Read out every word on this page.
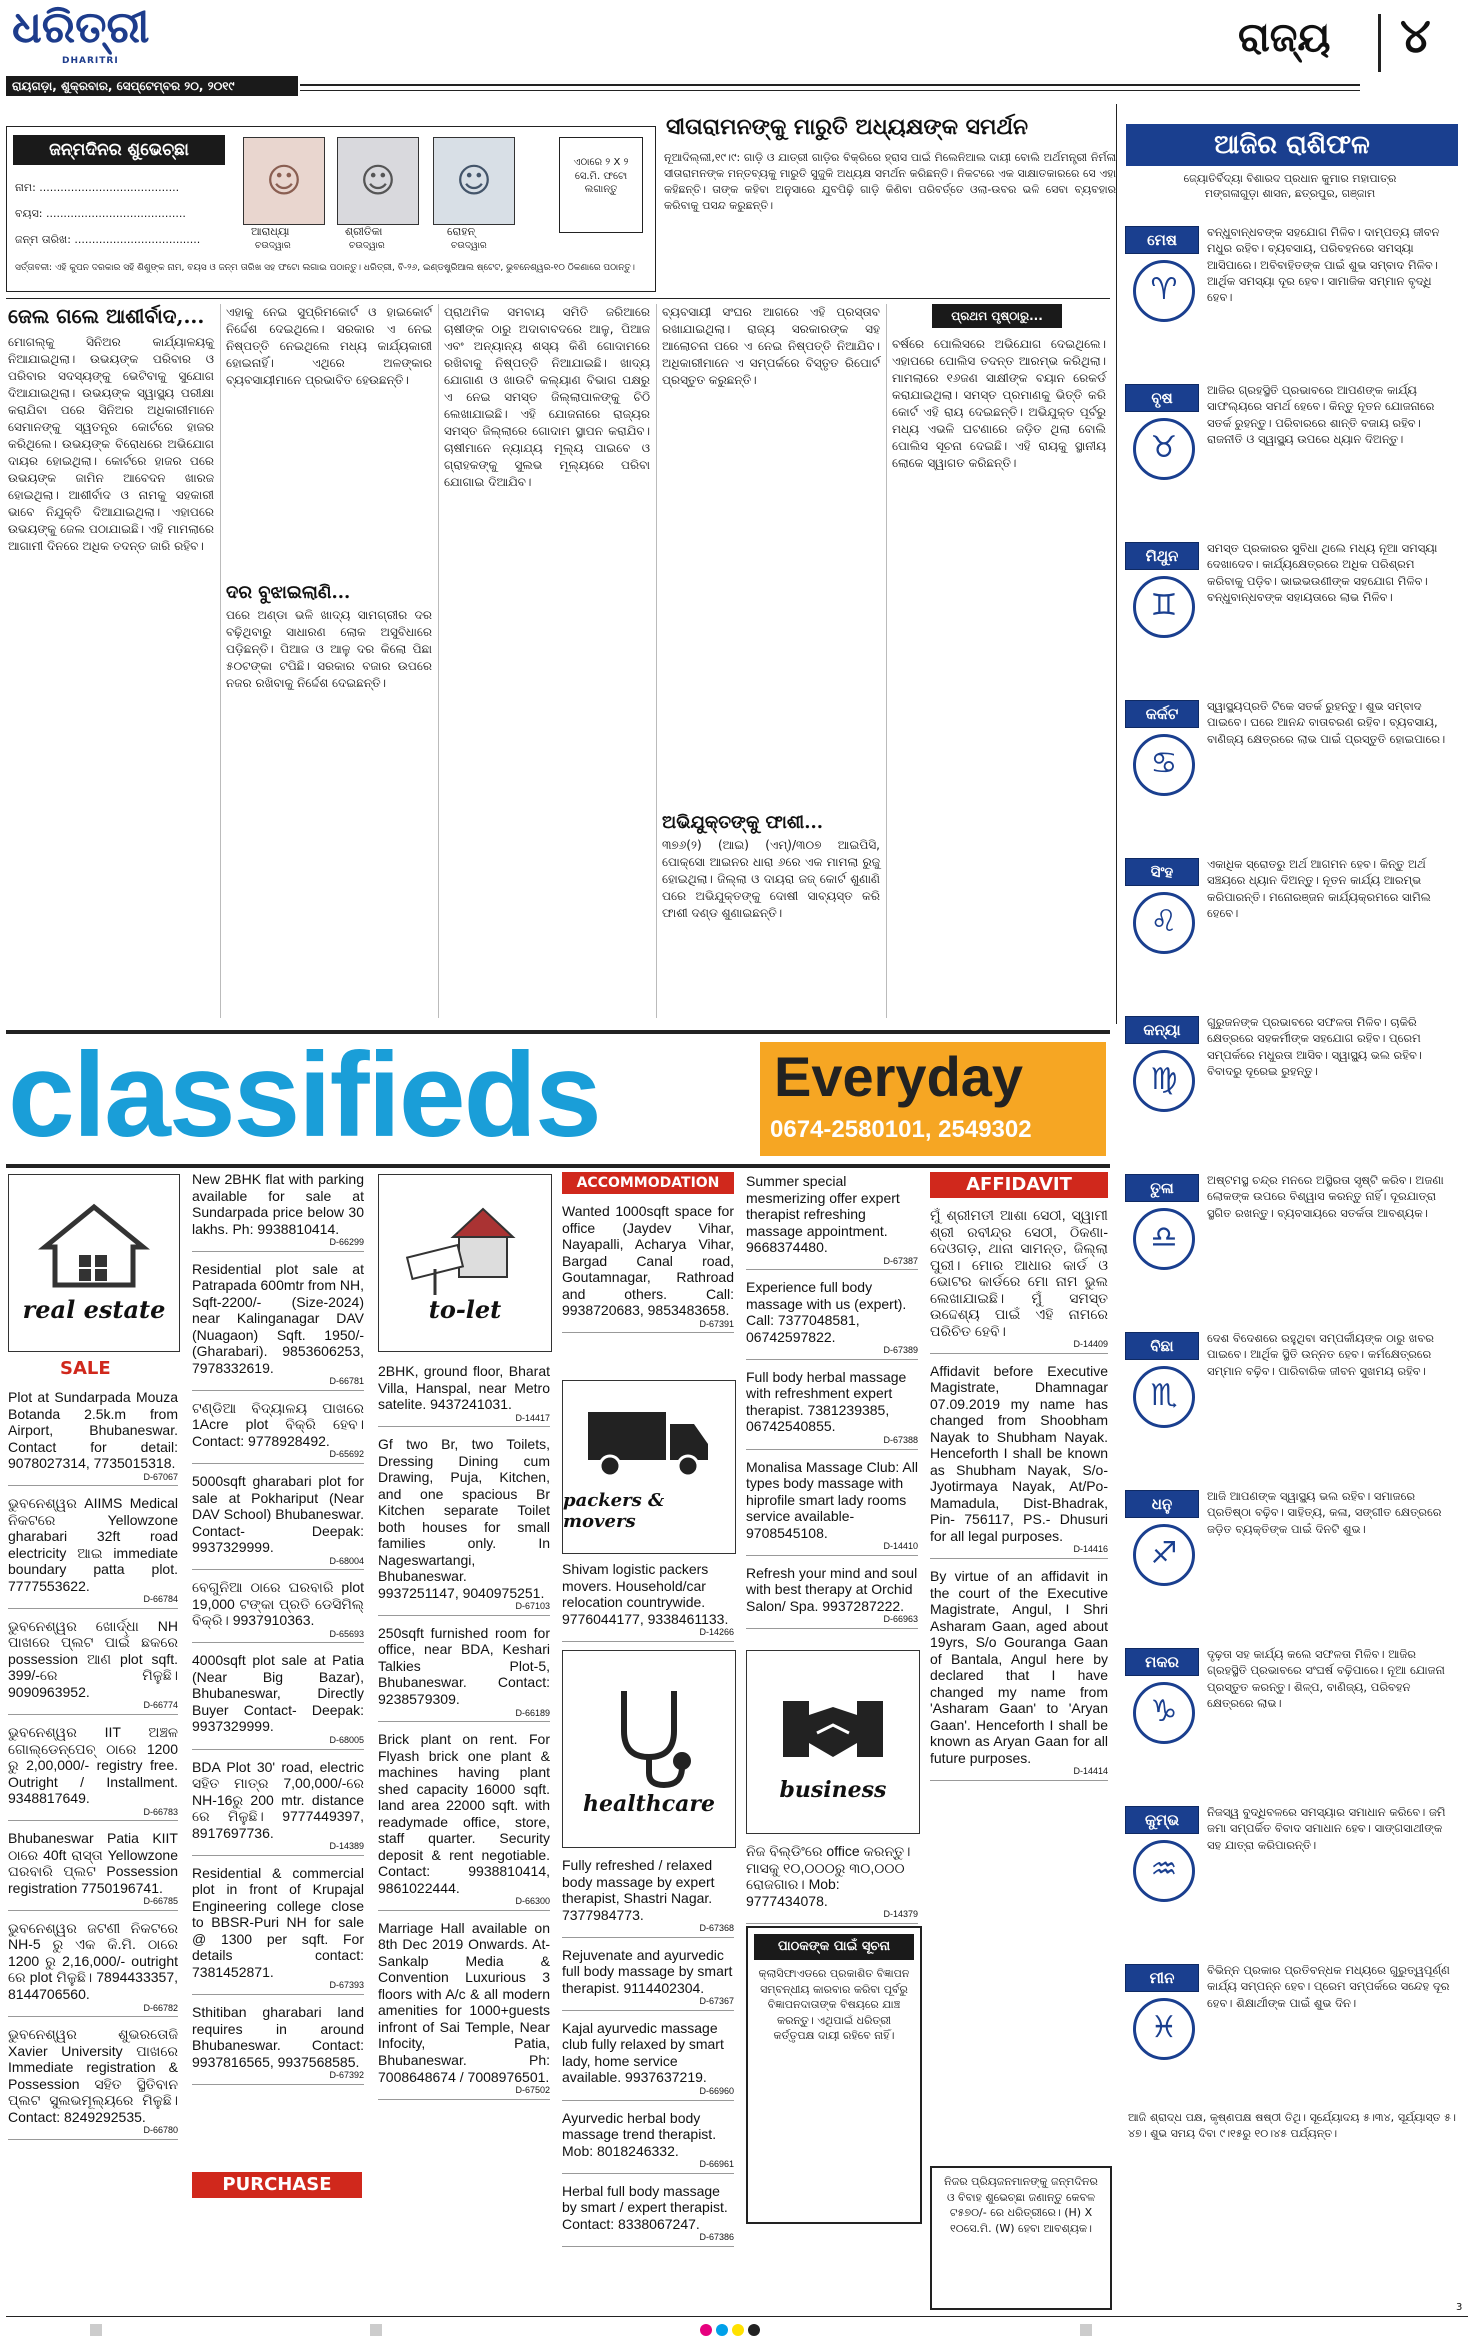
ଧରିତ୍ରୀ
DHARITRI
ରାୟଗଡ଼ା, ଶୁକ୍ରବାର, ସେପ୍ଟେମ୍ବର ୨୦, ୨୦୧୯
ରାଜ୍ୟ ୪
ଜନ୍ମଦିନର ଶୁଭେଚ୍ଛା
ନାମ: ........................................
ବୟସ: ........................................
ଜନ୍ମ ତାରିଖ: ....................................
☺
ଆରାଧ୍ୟା
ଚଉଦ୍ୱାର
☺
ଶ୍ରୀତିକା
ଚଉଦ୍ୱାର
☺
ରୋହନ୍
ଚଉଦ୍ୱାର
ଏଠାରେ ୨ X ୨ ସେ.ମି. ଫଟୋ ଲଗାନ୍ତୁ
ସର୍ତ୍ତାବଳୀ: ଏହି କୁପନ ଦରକାର ସହି ଶିଶୁଙ୍କ ନାମ, ବୟସ ଓ ଜନ୍ମ ତାରିଖ ସହ ଫଟୋ ଲଗାଇ ପଠାନ୍ତୁ। ଧରିତ୍ରୀ, ବି-୨୬, ଇଣ୍ଡଷ୍ଟ୍ରିଆଲ ଷ୍ଟେଟ, ଭୁବନେଶ୍ୱର-୧୦ ଠିକଣାରେ ପଠାନ୍ତୁ।
ସୀତାରାମନଙ୍କୁ ମାରୁତି ଅଧ୍ୟକ୍ଷଙ୍କ ସମର୍ଥନ
ନୂଆଦିଲ୍ଲୀ,୧୯।୯: ଗାଡ଼ି ଓ ଯାତ୍ରୀ ଗାଡ଼ିର ବିକ୍ରିରେ ହ୍ରାସ ପାଇଁ ମିଲେନିଆଲ ଦାୟୀ ବୋଲି ଅର୍ଥମନ୍ତ୍ରୀ ନିର୍ମଳା ସୀତାରାମନଙ୍କ ମନ୍ତବ୍ୟକୁ ମାରୁତି ସୁଜୁକି ଅଧ୍ୟକ୍ଷ ସମର୍ଥନ କରିଛନ୍ତି। ନିକଟରେ ଏକ ସାକ୍ଷାତକାରରେ ସେ ଏହା କହିଛନ୍ତି। ତାଙ୍କ କହିବା ଅନୁସାରେ ଯୁବପିଢ଼ି ଗାଡ଼ି କିଣିବା ପରିବର୍ତ୍ତେ ଓଲା-ଉବର ଭଳି ସେବା ବ୍ୟବହାର କରିବାକୁ ପସନ୍ଦ କରୁଛନ୍ତି।
ଆଜିର ରାଶିଫଳ
ଜ୍ୟୋତିର୍ବିଦ୍ୟା ବିଶାରଦ ପ୍ରଧାନ କୁମାର ମହାପାତ୍ର
ମଙ୍ଗଳାଗୁଡ଼ା ଶାସନ, ଛତ୍ରପୁର, ଗଞ୍ଜାମ
ମେଷ
♈
ବନ୍ଧୁବାନ୍ଧବଙ୍କ ସହଯୋଗ ମିଳିବ। ଦାମ୍ପତ୍ୟ ଜୀବନ ମଧୁର ରହିବ। ବ୍ୟବସାୟ, ପରିବହନରେ ସମସ୍ୟା ଆସିପାରେ। ଅବିବାହିତଙ୍କ ପାଇଁ ଶୁଭ ସମ୍ବାଦ ମିଳିବ। ଆର୍ଥିକ ସମସ୍ୟା ଦୂର ହେବ। ସାମାଜିକ ସମ୍ମାନ ବୃଦ୍ଧି ହେବ।
ବୃଷ
♉
ଆଜିର ଗ୍ରହସ୍ଥିତି ପ୍ରଭାବରେ ଆପଣଙ୍କ କାର୍ଯ୍ୟ ସାଫଲ୍ୟରେ ସମର୍ଥ ହେବେ। କିନ୍ତୁ ନୂତନ ଯୋଜନାରେ ସତର୍କ ରୁହନ୍ତୁ। ପରିବାରରେ ଶାନ୍ତି ବଜାୟ ରହିବ। ରାଜନୀତି ଓ ସ୍ୱାସ୍ଥ୍ୟ ଉପରେ ଧ୍ୟାନ ଦିଅନ୍ତୁ।
ମିଥୁନ
♊
ସମସ୍ତ ପ୍ରକାରର ସୁବିଧା ଥିଲେ ମଧ୍ୟ ନୂଆ ସମସ୍ୟା ଦେଖାଦେବ। କାର୍ଯ୍ୟକ୍ଷେତ୍ରରେ ଅଧିକ ପରିଶ୍ରମ କରିବାକୁ ପଡ଼ିବ। ଭାଇଭଉଣୀଙ୍କ ସହଯୋଗ ମିଳିବ। ବନ୍ଧୁବାନ୍ଧବଙ୍କ ସହାୟତାରେ ଲାଭ ମିଳିବ।
କର୍କଟ
♋
ସ୍ୱାସ୍ଥ୍ୟପ୍ରତି ଟିକେ ସତର୍କ ରୁହନ୍ତୁ। ଶୁଭ ସମ୍ବାଦ ପାଇବେ। ଘରେ ଆନନ୍ଦ ବାତାବରଣ ରହିବ। ବ୍ୟବସାୟ, ବାଣିଜ୍ୟ କ୍ଷେତ୍ରରେ ଲାଭ ପାଇଁ ପ୍ରସ୍ତୁତି ହୋଇପାରେ।
ସିଂହ
♌
ଏକାଧିକ ସ୍ରୋତରୁ ଅର୍ଥ ଆଗମନ ହେବ। କିନ୍ତୁ ଅର୍ଥ ସଞ୍ଚୟରେ ଧ୍ୟାନ ଦିଅନ୍ତୁ। ନୂତନ କାର୍ଯ୍ୟ ଆରମ୍ଭ କରିପାରନ୍ତି। ମନୋରଞ୍ଜନ କାର୍ଯ୍ୟକ୍ରମରେ ସାମିଲ ହେବେ।
କନ୍ୟା
♍
ଗୁରୁଜନଙ୍କ ପ୍ରଭାବରେ ସଫଳତା ମିଳିବ। ଚାକିରି କ୍ଷେତ୍ରରେ ସହକର୍ମୀଙ୍କ ସହଯୋଗ ରହିବ। ପ୍ରେମ ସମ୍ପର୍କରେ ମଧୁରତା ଆସିବ। ସ୍ୱାସ୍ଥ୍ୟ ଭଲ ରହିବ। ବିବାଦରୁ ଦୂରେଇ ରୁହନ୍ତୁ।
ତୁଳା
♎
ଅଷ୍ଟମସ୍ଥ ଚନ୍ଦ୍ର ମନରେ ଅସ୍ଥିରତା ସୃଷ୍ଟି କରିବ। ଅଜଣା ଲୋକଙ୍କ ଉପରେ ବିଶ୍ୱାସ କରନ୍ତୁ ନାହିଁ। ଦୂରଯାତ୍ରା ସ୍ଥଗିତ ରଖନ୍ତୁ। ବ୍ୟବସାୟରେ ସତର୍କତା ଆବଶ୍ୟକ।
ବିଛା
♏
ଦେଶ ବିଦେଶରେ ରହୁଥିବା ସମ୍ପର୍କୀୟଙ୍କ ଠାରୁ ଖବର ପାଇବେ। ଆର୍ଥିକ ସ୍ଥିତି ଉନ୍ନତ ହେବ। କର୍ମକ୍ଷେତ୍ରରେ ସମ୍ମାନ ବଢ଼ିବ। ପାରିବାରିକ ଜୀବନ ସୁଖମୟ ରହିବ।
ଧନୁ
♐
ଆଜି ଆପଣଙ୍କ ସ୍ୱାସ୍ଥ୍ୟ ଭଲ ରହିବ। ସମାଜରେ ପ୍ରତିଷ୍ଠା ବଢ଼ିବ। ସାହିତ୍ୟ, କଳା, ସଙ୍ଗୀତ କ୍ଷେତ୍ରରେ ଜଡ଼ିତ ବ୍ୟକ୍ତିଙ୍କ ପାଇଁ ଦିନଟି ଶୁଭ।
ମକର
♑
ଦୃଢ଼ତା ସହ କାର୍ଯ୍ୟ କଲେ ସଫଳତା ମିଳିବ। ଆଜିର ଗ୍ରହସ୍ଥିତି ପ୍ରଭାବରେ ସଂଘର୍ଷ ବଢ଼ିପାରେ। ନୂଆ ଯୋଜନା ପ୍ରସ୍ତୁତ କରନ୍ତୁ। ଶିଳ୍ପ, ବାଣିଜ୍ୟ, ପରିବହନ କ୍ଷେତ୍ରରେ ଲାଭ।
କୁମ୍ଭ
♒
ନିଜସ୍ୱ ବୁଦ୍ଧିବଳରେ ସମସ୍ୟାର ସମାଧାନ କରିବେ। ଜମି ଜମା ସମ୍ପର୍କିତ ବିବାଦ ସମାଧାନ ହେବ। ସାଙ୍ଗସାଥୀଙ୍କ ସହ ଯାତ୍ରା କରିପାରନ୍ତି।
ମୀନ
♓
ବିଭିନ୍ନ ପ୍ରକାର ପ୍ରତିବନ୍ଧକ ମଧ୍ୟରେ ଗୁରୁତ୍ୱପୂର୍ଣ୍ଣ କାର୍ଯ୍ୟ ସମ୍ପନ୍ନ ହେବ। ପ୍ରେମ ସମ୍ପର୍କରେ ସନ୍ଦେହ ଦୂର ହେବ। ଶିକ୍ଷାର୍ଥୀଙ୍କ ପାଇଁ ଶୁଭ ଦିନ।
ଆଜି ଶ୍ରାଦ୍ଧ ପକ୍ଷ, କୃଷ୍ଣପକ୍ଷ ଷଷ୍ଠୀ ତିଥି। ସୂର୍ଯ୍ୟୋଦୟ ୫।୩୪, ସୂର୍ଯ୍ୟାସ୍ତ ୫।୪୭। ଶୁଭ ସମୟ ଦିବା ୯।୧୫ରୁ ୧୦।୪୫ ପର୍ଯ୍ୟନ୍ତ।
ଜେଲ ଗଲେ ଆଶୀର୍ବାଦ,...
ମୋଗଲ୍କୁ ସିନିଅର କାର୍ଯ୍ୟାଳୟକୁ ନିଆଯାଇଥିଲା। ଉଭୟଙ୍କ ପରିବାର ଓ ପରିବାର ସଦସ୍ୟଙ୍କୁ ଭେଟିବାକୁ ସୁଯୋଗ ଦିଆଯାଇଥିଲା। ଉଭୟଙ୍କ ସ୍ୱାସ୍ଥ୍ୟ ପରୀକ୍ଷା କରାଯିବା ପରେ ସିନିଅର ଅଧିକାରୀମାନେ ସେମାନଙ୍କୁ ସ୍ୱତନ୍ତ୍ର କୋର୍ଟରେ ହାଜର କରିଥିଲେ। ଉଭୟଙ୍କ ବିରୋଧରେ ଅଭିଯୋଗ ଦାୟର ହୋଇଥିଲା। କୋର୍ଟରେ ହାଜର ପରେ ଉଭୟଙ୍କ ଜାମିନ ଆବେଦନ ଖାରଜ ହୋଇଥିଲା। ଆଶୀର୍ବାଦ ଓ ନାମକୁ ସହକାରୀ ଭାବେ ନିଯୁକ୍ତି ଦିଆଯାଇଥିଲା। ଏହାପରେ ଉଭୟଙ୍କୁ ଜେଲ ପଠାଯାଇଛି। ଏହି ମାମଲାରେ ଆଗାମୀ ଦିନରେ ଅଧିକ ତଦନ୍ତ ଜାରି ରହିବ।
ଏହାକୁ ନେଇ ସୁପ୍ରିମକୋର୍ଟ ଓ ହାଇକୋର୍ଟ ନିର୍ଦ୍ଦେଶ ଦେଇଥିଲେ। ସରକାର ଏ ନେଇ ନିଷ୍ପତ୍ତି ନେଇଥିଲେ ମଧ୍ୟ କାର୍ଯ୍ୟକାରୀ ହୋଇନାହିଁ। ଏଥିରେ ଅଳଙ୍କାର ବ୍ୟବସାୟୀମାନେ ପ୍ରଭାବିତ ହେଉଛନ୍ତି।
ଦର ବୁଝାଇଲାଣି...
ପରେ ଅଣ୍ଡା ଭଳି ଖାଦ୍ୟ ସାମଗ୍ରୀର ଦର ବଢ଼ିଥିବାରୁ ସାଧାରଣ ଲୋକ ଅସୁବିଧାରେ ପଡ଼ିଛନ୍ତି। ପିଆଜ ଓ ଆଳୁ ଦର କିଲୋ ପିଛା ୫୦ଟଙ୍କା ଟପିଛି। ସରକାର ବଜାର ଉପରେ ନଜର ରଖିବାକୁ ନିର୍ଦ୍ଦେଶ ଦେଇଛନ୍ତି।
ପ୍ରାଥମିକ ସମବାୟ ସମିତି ଜରିଆରେ ଚାଷୀଙ୍କ ଠାରୁ ଅଦାବାବଦରେ ଆଳୁ, ପିଆଜ ଏବଂ ଅନ୍ୟାନ୍ୟ ଶସ୍ୟ କିଣି ଗୋଦାମରେ ରଖିବାକୁ ନିଷ୍ପତ୍ତି ନିଆଯାଇଛି। ଖାଦ୍ୟ ଯୋଗାଣ ଓ ଖାଉଟି କଲ୍ୟାଣ ବିଭାଗ ପକ୍ଷରୁ ଏ ନେଇ ସମସ୍ତ ଜିଲ୍ଲାପାଳଙ୍କୁ ଚିଠି ଲେଖାଯାଇଛି। ଏହି ଯୋଜନାରେ ରାଜ୍ୟର ସମସ୍ତ ଜିଲ୍ଲାରେ ଗୋଦାମ ସ୍ଥାପନ କରାଯିବ। ଚାଷୀମାନେ ନ୍ୟାଯ୍ୟ ମୂଲ୍ୟ ପାଇବେ ଓ ଗ୍ରାହକଙ୍କୁ ସୁଲଭ ମୂଲ୍ୟରେ ପରିବା ଯୋଗାଇ ଦିଆଯିବ।
ବ୍ୟବସାୟୀ ସଂଘର ଆଗରେ ଏହି ପ୍ରସ୍ତାବ ରଖାଯାଇଥିଲା। ରାଜ୍ୟ ସରକାରଙ୍କ ସହ ଆଲୋଚନା ପରେ ଏ ନେଇ ନିଷ୍ପତ୍ତି ନିଆଯିବ। ଅଧିକାରୀମାନେ ଏ ସମ୍ପର୍କରେ ବିସ୍ତୃତ ରିପୋର୍ଟ ପ୍ରସ୍ତୁତ କରୁଛନ୍ତି।
ଅଭିଯୁକ୍ତଙ୍କୁ ଫାଶୀ...
୩୭୬(୨) (ଆଇ) (ଏମ୍)/୩୦୭ ଆଇପିସି, ପୋକ୍ସୋ ଆଇନର ଧାରା ୬ରେ ଏକ ମାମଲା ରୁଜୁ ହୋଇଥିଲା। ଜିଲ୍ଲା ଓ ଦାୟରା ଜଜ୍ କୋର୍ଟ ଶୁଣାଣି ପରେ ଅଭିଯୁକ୍ତଙ୍କୁ ଦୋଷୀ ସାବ୍ୟସ୍ତ କରି ଫାଶୀ ଦଣ୍ଡ ଶୁଣାଇଛନ୍ତି।
ପ୍ରଥମ ପୃଷ୍ଠାରୁ...
ବର୍ଷରେ ପୋଲିସରେ ଅଭିଯୋଗ ଦେଇଥିଲେ। ଏହାପରେ ପୋଲିସ ତଦନ୍ତ ଆରମ୍ଭ କରିଥିଲା। ମାମଲାରେ ୧୬ଜଣ ସାକ୍ଷୀଙ୍କ ବୟାନ ରେକର୍ଡ କରାଯାଇଥିଲା। ସମସ୍ତ ପ୍ରମାଣକୁ ଭିତ୍ତି କରି କୋର୍ଟ ଏହି ରାୟ ଦେଇଛନ୍ତି। ଅଭିଯୁକ୍ତ ପୂର୍ବରୁ ମଧ୍ୟ ଏଭଳି ଘଟଣାରେ ଜଡ଼ିତ ଥିଲା ବୋଲି ପୋଲିସ ସୂଚନା ଦେଇଛି। ଏହି ରାୟକୁ ସ୍ଥାନୀୟ ଲୋକେ ସ୍ୱାଗତ କରିଛନ୍ତି।
classifieds	Everyday
0674-2580101, 2549302
real estate
SALE
Plot at Sundarpada Mouza Botanda 2.5k.m from Airport, Bhubaneswar. Contact for detail: 9078027314, 7735015318.
D-67067
ଭୁବନେଶ୍ୱର AIIMS Medical ନିକଟରେ Yellowzone gharabari 32ft road electricity ଆଇ immediate boundary patta plot. 7777553622.
D-66784
ଭୁବନେଶ୍ୱର ଖୋର୍ଦ୍ଧା NH ପାଖରେ ପ୍ଲଟ ପାଇଁ ଛକରେ possession ଆଣ plot sqft. 399/-ରେ ମିଳୁଛି। 9090963952.
D-66774
ଭୁବନେଶ୍ୱର IIT ଅଞ୍ଚଳ ଗୋଲ୍ଡେନ୍‌ପେଚ୍ ଠାରେ 1200 ରୁ 2,00,000/- registry free. Outright / Installment. 9348817649.
D-66783
Bhubaneswar Patia KIIT ଠାରେ 40ft ରାସ୍ତା Yellowzone ଘରବାରି ପ୍ଲଟ Possession registration 7750196741.
D-66785
ଭୁବନେଶ୍ୱର ଜଟଣୀ ନିକଟରେ NH-5 ରୁ ଏକ କି.ମି. ଠାରେ 1200 ରୁ 2,16,000/- outright ରେ plot ମିଳୁଛି। 7894433357, 8144706560.
D-66782
ଭୁବନେଶ୍ୱର ଶୁଭରତୋଜି Xavier University ପାଖରେ Immediate registration & Possession ସହିତ ସ୍ଥିତିବାନ ପ୍ଲଟ ସୁଲଭମୂଲ୍ୟରେ ମିଳୁଛି। Contact: 8249292535.
D-66780
New 2BHK flat with parking available for sale at Sundarpada price below 30 lakhs. Ph: 9938810414.
D-66299
Residential plot sale at Patrapada 600mtr from NH, Sqft-2200/- (Size-2024) near Kalinganagar DAV (Nuagaon) Sqft. 1950/- (Gharabari). 9853606253, 7978332619.
D-66781
ଟଣ୍ଡିଆ ବିଦ୍ୟାଳୟ ପାଖରେ 1Acre plot ବିକ୍ରି ହେବ। Contact: 9778928492.
D-65692
5000sqft gharabari plot for sale at Pokhariput (Near DAV School) Bhubaneswar. Contact- Deepak: 9937329999.
D-68004
ବେଗୁନିଆ ଠାରେ ଘରବାରି plot 19,000 ଟଙ୍କା ପ୍ରତି ଡେସିମିଲ୍ ବିକ୍ରି। 9937910363.
D-65693
4000sqft plot sale at Patia (Near Big Bazar), Bhubaneswar, Directly Buyer Contact- Deepak: 9937329999.
D-68005
BDA Plot 30' road, electric ସହିତ ମାତ୍ର 7,00,000/-ରେ NH-16ରୁ 200 mtr. distance ରେ ମିଳୁଛି। 9777449397, 8917697736.
D-14389
Residential & commercial plot in front of Krupajal Engineering college close to BBSR-Puri NH for sale @ 1300 per sqft. For details contact: 7381452871.
D-67393
Sthitiban gharabari land requires in around Bhubaneswar. Contact: 9937816565, 9937568585.
D-67392
PURCHASE
to-let
2BHK, ground floor, Bharat Villa, Hanspal, near Metro satelite. 9437241031.
D-14417
Gf two Br, two Toilets, Dressing Dining cum Drawing, Puja, Kitchen, and one spacious Br Kitchen separate Toilet both houses for small families only. In Nageswartangi, Bhubaneswar. 9937251147, 9040975251.
D-67103
250sqft furnished room for office, near BDA, Keshari Talkies Plot-5, Bhubaneswar. Contact: 9238579309.
D-66189
Brick plant on rent. For Flyash brick one plant & machines having plant shed capacity 16000 sqft. land area 22000 sqft. with readymade office, store, staff quarter. Security deposit & rent negotiable. Contact: 9938810414, 9861022444.
D-66300
Marriage Hall available on 8th Dec 2019 Onwards. At- Sankalp Media & Convention Luxurious 3 floors with A/c & all modern amenities for 1000+guests infront of Sai Temple, Near Infocity, Patia, Bhubaneswar. Ph: 7008648674 / 7008976501.
D-67502
ACCOMMODATION
Wanted 1000sqft space for office (Jaydev Vihar, Nayapalli, Acharya Vihar, Bargad Canal road, Goutamnagar, Rathroad and others. Call: 9938720683, 9853483658.
D-67391
packers & movers
Shivam logistic packers movers. Household/car relocation countrywide. 9776044177, 9338461133.
D-14266
healthcare
Fully refreshed / relaxed body massage by expert therapist, Shastri Nagar. 7377984773.
D-67368
Rejuvenate and ayurvedic full body massage by smart therapist. 9114402304.
D-67367
Kajal ayurvedic massage club fully relaxed by smart lady, home service available. 9937637219.
D-66960
Ayurvedic herbal body massage trend therapist. Mob: 8018246332.
D-66961
Herbal full body massage by smart / expert therapist. Contact: 8338067247.
D-67386
Summer special mesmerizing offer expert therapist refreshing massage appointment. 9668374480.
D-67387
Experience full body massage with us (expert). Call: 7377048581, 06742597822.
D-67389
Full body herbal massage with refreshment expert therapist. 7381239385, 06742540855.
D-67388
Monalisa Massage Club: All types body massage with hiprofile smart lady rooms service available- 9708545108.
D-14410
Refresh your mind and soul with best therapy at Orchid Salon/ Spa. 9937287222.
D-66963
business
ନିଜ ବିଲ୍ଡିଂରେ office କରନ୍ତୁ। ମାସକୁ ୧୦,୦୦୦ରୁ ୩୦,୦୦୦ ରୋଜଗାର। Mob: 9777434078.
D-14379
ପାଠକଙ୍କ ପାଇଁ ସୂଚନା
କ୍ଲାସିଫାଏଡରେ ପ୍ରକାଶିତ ବିଜ୍ଞାପନ ସମ୍ବନ୍ଧୀୟ କାରବାର କରିବା ପୂର୍ବରୁ ବିଜ୍ଞାପନଦାତାଙ୍କ ବିଷୟରେ ଯାଞ୍ଚ କରନ୍ତୁ। ଏଥିପାଇଁ ଧରିତ୍ରୀ କର୍ତ୍ତୃପକ୍ଷ ଦାୟୀ ରହିବେ ନାହିଁ।
AFFIDAVIT
ମୁଁ ଶ୍ରୀମତୀ ଆଶା ସେଠୀ, ସ୍ୱାମୀ ଶ୍ରୀ ରବୀନ୍ଦ୍ର ସେଠୀ, ଠିକଣା- ଦେଓଗଡ଼, ଥାନା ସାମନ୍ତ, ଜିଲ୍ଲା ପୁରୀ। ମୋର ଆଧାର କାର୍ଡ ଓ ଭୋଟର କାର୍ଡରେ ମୋ ନାମ ଭୁଲ ଲେଖାଯାଇଛି। ମୁଁ ସମସ୍ତ ଉଦ୍ଦେଶ୍ୟ ପାଇଁ ଏହି ନାମରେ ପରିଚିତ ହେବି।
D-14409
Affidavit before Executive Magistrate, Dhamnagar 07.09.2019 my name has changed from Shoobham Nayak to Shubham Nayak. Henceforth I shall be known as Shubham Nayak, S/o-Jyotirmaya Nayak, At/Po- Mamadula, Dist-Bhadrak, Pin- 756117, PS.- Dhusuri for all legal purposes.
D-14416
By virtue of an affidavit in the court of the Executive Magistrate, Angul, I Shri Asharam Gaan, aged about 19yrs, S/o Gouranga Gaan of Bantala, Angul here by declared that I have changed my name from 'Asharam Gaan' to 'Aryan Gaan'. Henceforth I shall be known as Aryan Gaan for all future purposes.
D-14414
ନିଜର ପ୍ରିୟଜନମାନଙ୍କୁ ଜନ୍ମଦିନର ଓ ବିବାହ ଶୁଭେଚ୍ଛା ଜଣାନ୍ତୁ କେବଳ ଟ୫୭୦/- ରେ ଧରିତ୍ରୀରେ। (H) X ୧୦ସେ.ମି. (W) ହେବା ଆବଶ୍ୟକ।
3
